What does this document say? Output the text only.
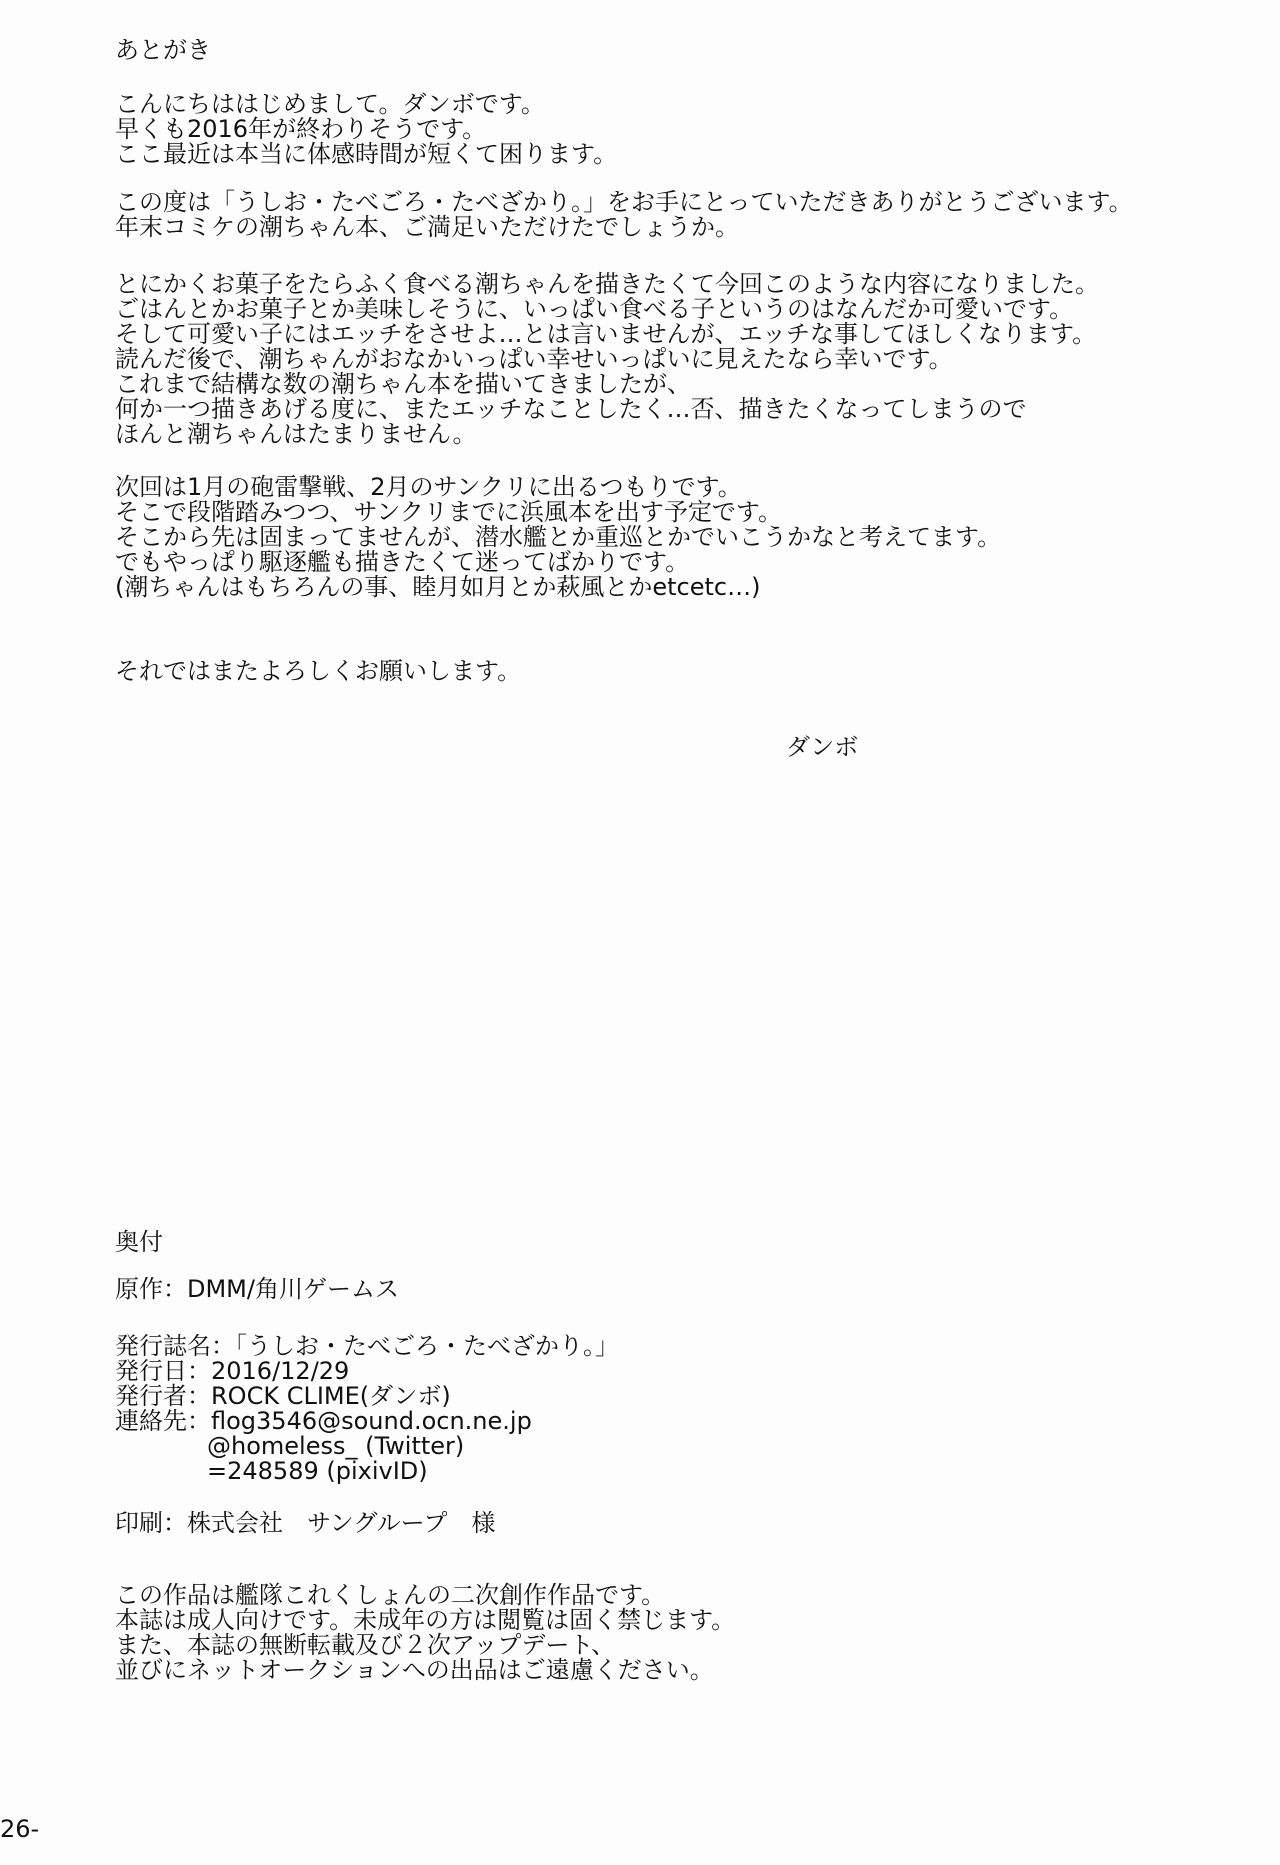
あとがき
こんにちははじめまして。ダンボです。
早くも2016年が終わりそうです。
ここ最近は本当に体感時間が短くて困ります。
この度は「うしお・たべごろ・たべざかり。」をお手にとっていただきありがとうございます。
年末コミケの潮ちゃん本、ご満足いただけたでしょうか。
とにかくお菓子をたらふく食べる潮ちゃんを描きたくて今回このような内容になりました。
ごはんとかお菓子とか美味しそうに、いっぱい食べる子というのはなんだか可愛いです。
そして可愛い子にはエッチをさせよ…とは言いませんが、エッチな事してほしくなります。
読んだ後で、潮ちゃんがおなかいっぱい幸せいっぱいに見えたなら幸いです。
これまで結構な数の潮ちゃん本を描いてきましたが、
何か一つ描きあげる度に、またエッチなことしたく…否、描きたくなってしまうので
ほんと潮ちゃんはたまりません。
次回は1月の砲雷撃戦、2月のサンクリに出るつもりです。
そこで段階踏みつつ、サンクリまでに浜風本を出す予定です。
そこから先は固まってませんが、潜水艦とか重巡とかでいこうかなと考えてます。
でもやっぱり駆逐艦も描きたくて迷ってばかりです。
(潮ちゃんはもちろんの事、睦月如月とか萩風とかetcetc…)
それではまたよろしくお願いします。
ダンボ
奥付
原作：DMM/角川ゲームス
発行誌名：「うしお・たべごろ・たべざかり。」
発行日：2016/12/29
発行者：ROCK CLIME(ダンボ)
連絡先：flog3546@sound.ocn.ne.jp
@homeless_ (Twitter)
=248589 (pixivID)
印刷：株式会社　サングループ　様
この作品は艦隊これくしょんの二次創作作品です。
本誌は成人向けです。未成年の方は閲覧は固く禁じます。
また、本誌の無断転載及び２次アップデート、
並びにネットオークションへの出品はご遠慮ください。
26-
